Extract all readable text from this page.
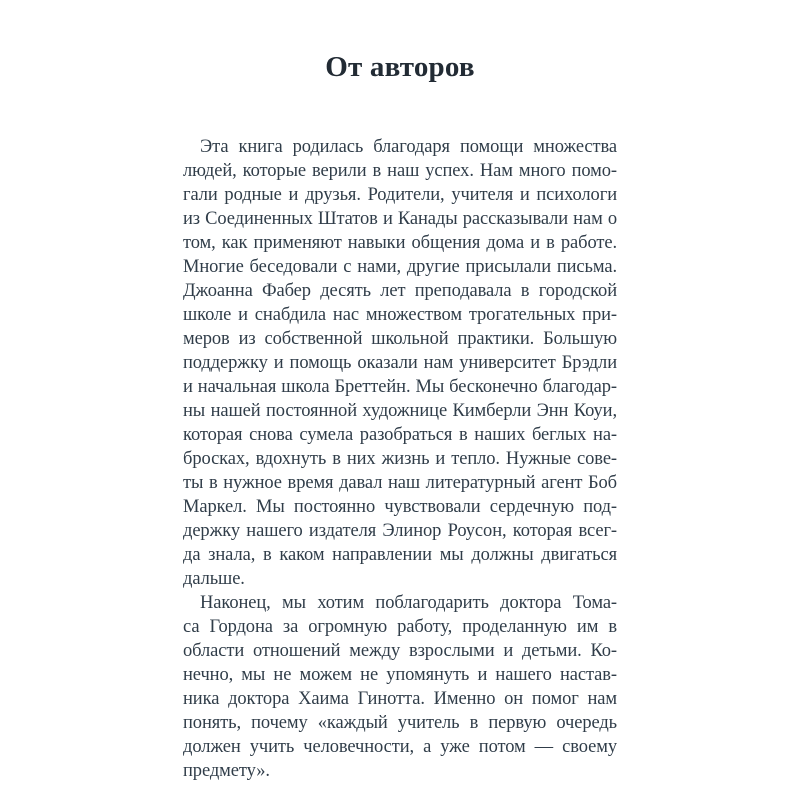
От авторов
Эта книга родилась благодаря помощи множества
людей, которые верили в наш успех. Нам много помо-
гали родные и друзья. Родители, учителя и психологи
из Соединенных Штатов и Канады рассказывали нам о
том, как применяют навыки общения дома и в работе.
Многие беседовали с нами, другие присылали письма.
Джоанна Фабер десять лет преподавала в городской
школе и снабдила нас множеством трогательных при-
меров из собственной школьной практики. Большую
поддержку и помощь оказали нам университет Брэдли
и начальная школа Бреттейн. Мы бесконечно благодар-
ны нашей постоянной художнице Кимберли Энн Коуи,
которая снова сумела разобраться в наших беглых на-
бросках, вдохнуть в них жизнь и тепло. Нужные сове-
ты в нужное время давал наш литературный агент Боб
Маркел. Мы постоянно чувствовали сердечную под-
держку нашего издателя Элинор Роусон, которая всег-
да знала, в каком направлении мы должны двигаться
дальше.
Наконец, мы хотим поблагодарить доктора Тома-
са Гордона за огромную работу, проделанную им в
области отношений между взрослыми и детьми. Ко-
нечно, мы не можем не упомянуть и нашего настав-
ника доктора Хаима Гинотта. Именно он помог нам
понять, почему «каждый учитель в первую очередь
должен учить человечности, а уже потом — своему
предмету».
